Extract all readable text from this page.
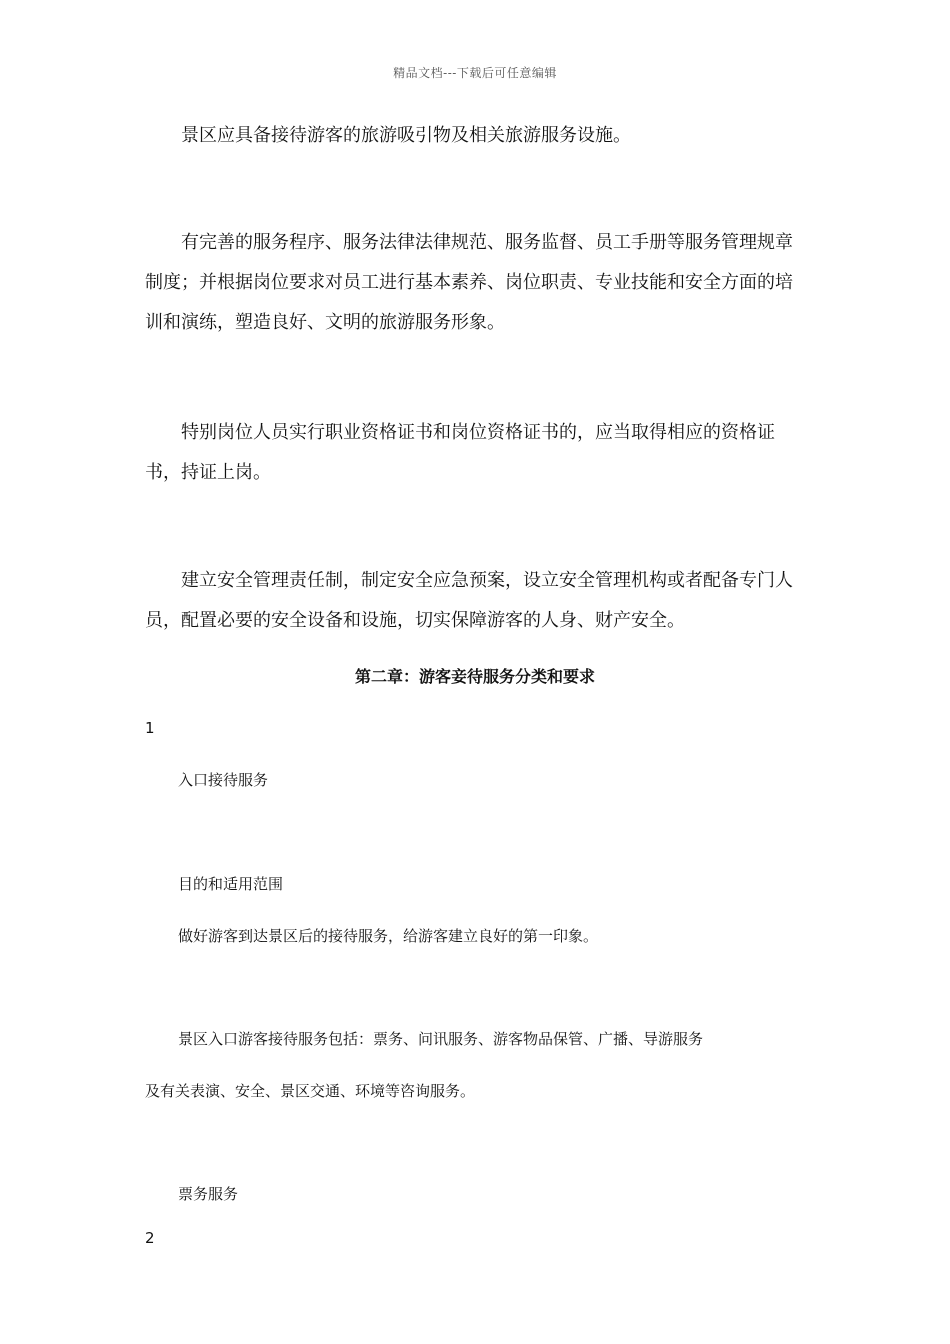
精品文档---下载后可任意编辑

景区应具备接待游客的旅游吸引物及相关旅游服务设施。

有完善的服务程序、服务法律法律规范、服务监督、员工手册等服务管理规章制度；并根据岗位要求对员工进行基本素养、岗位职责、专业技能和安全方面的培训和演练，塑造良好、文明的旅游服务形象。

特别岗位人员实行职业资格证书和岗位资格证书的，应当取得相应的资格证书，持证上岗。

建立安全管理责任制，制定安全应急预案，设立安全管理机构或者配备专门人员，配置必要的安全设备和设施，切实保障游客的人身、财产安全。

第二章：游客妾待服务分类和要求

1

入口接待服务

目的和适用范围

做好游客到达景区后的接待服务，给游客建立良好的第一印象。

景区入口游客接待服务包括：票务、问讯服务、游客物品保管、广播、导游服务

及有关表演、安全、景区交通、环境等咨询服务。

票务服务

2
